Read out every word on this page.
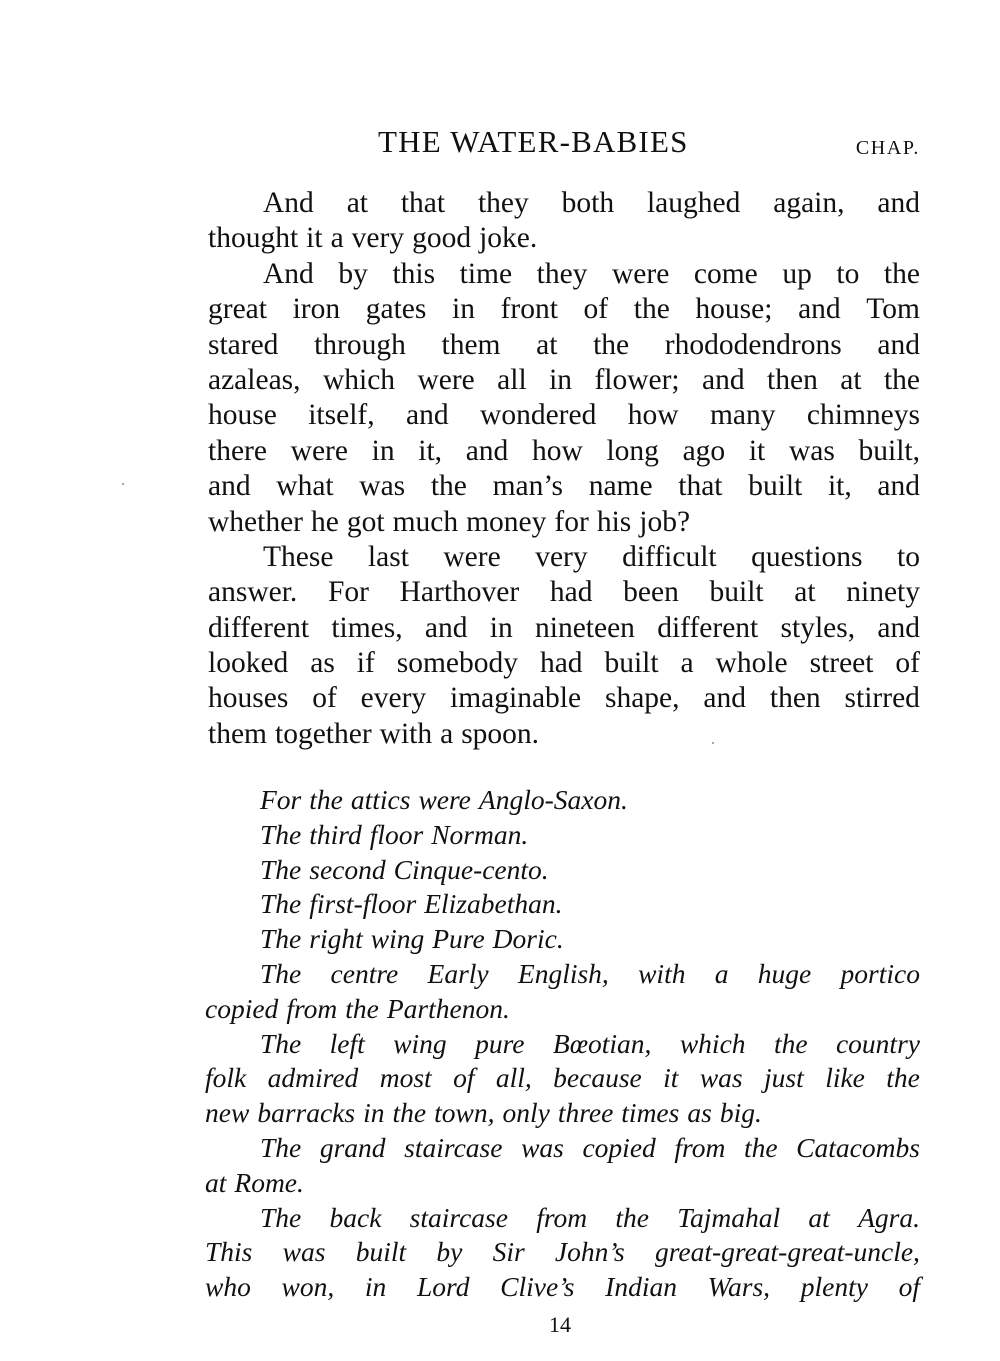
THE WATER-BABIES	CHAP.
And at that they both laughed again, and
thought it a very good joke.
And by this time they were come up to the
great iron gates in front of the house; and Tom
stared through them at the rhododendrons and
azaleas, which were all in flower; and then at the
house itself, and wondered how many chimneys
there were in it, and how long ago it was built,
and what was the man’s name that built it, and
whether he got much money for his job?
These last were very difficult questions to
answer. For Harthover had been built at ninety
different times, and in nineteen different styles, and
looked as if somebody had built a whole street of
houses of every imaginable shape, and then stirred
them together with a spoon.
For the attics were Anglo-Saxon.
The third floor Norman.
The second Cinque-cento.
The first-floor Elizabethan.
The right wing Pure Doric.
The centre Early English, with a huge portico
copied from the Parthenon.
The left wing pure Bœotian, which the country
folk admired most of all, because it was just like the
new barracks in the town, only three times as big.
The grand staircase was copied from the Catacombs
at Rome.
The back staircase from the Tajmahal at Agra.
This was built by Sir John’s great-great-great-uncle,
who won, in Lord Clive’s Indian Wars, plenty of
14
